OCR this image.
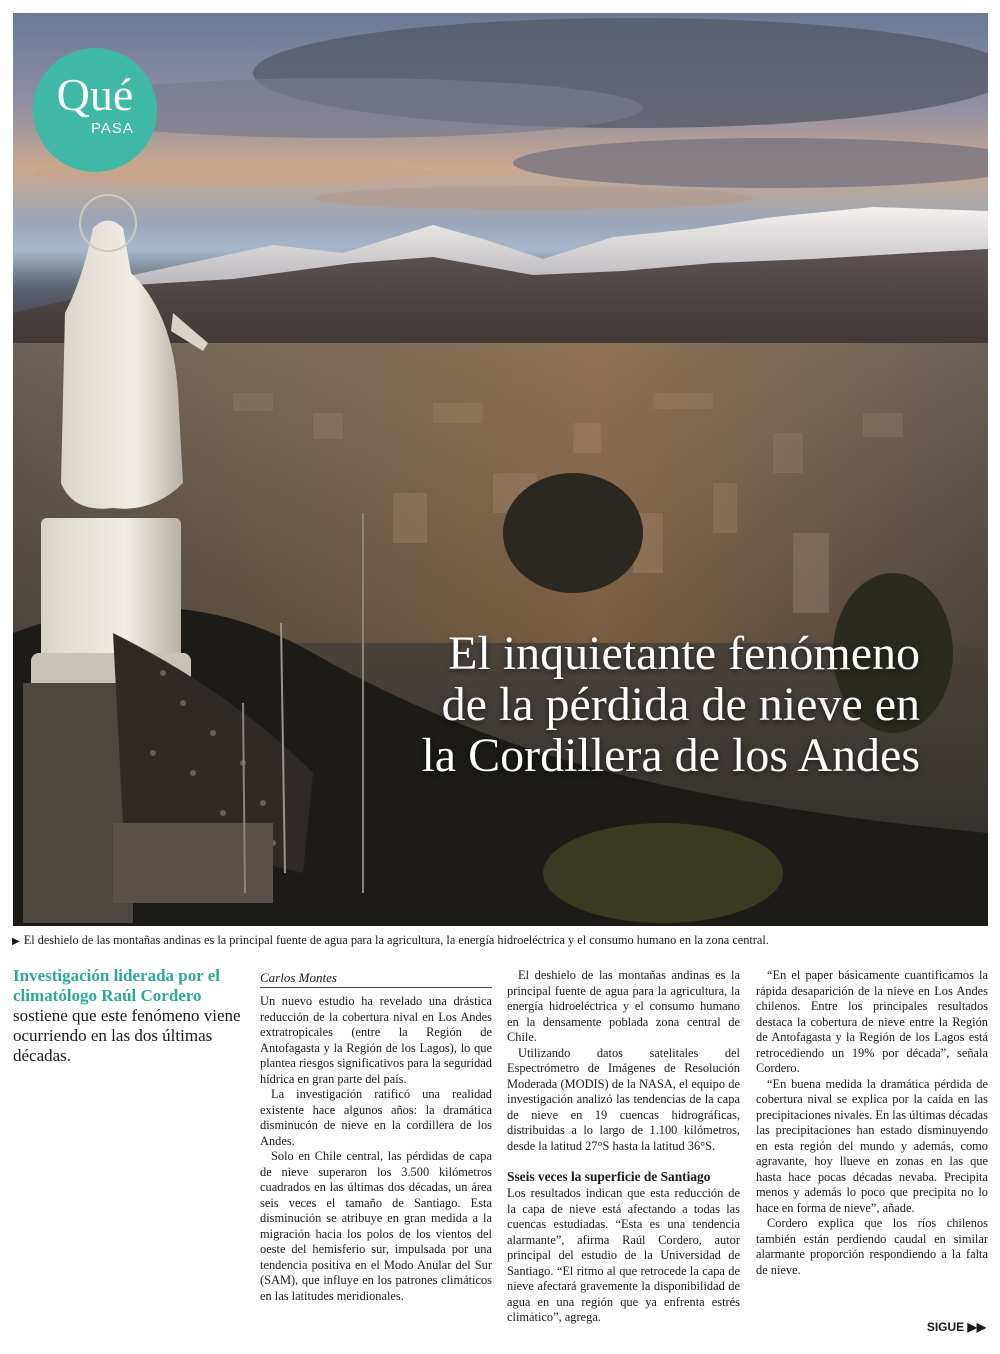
Qué
PASA
El inquietante fenómeno
de la pérdida de nieve en
la Cordillera de los Andes
▶ El deshielo de las montañas andinas es la principal fuente de agua para la agricultura, la energía hidroeléctrica y el consumo humano en la zona central.
Investigación liderada por el climatólogo Raúl Cordero
sostiene que este fenómeno viene ocurriendo en las dos últimas décadas.
Carlos Montes

Un nuevo estudio ha revelado una drástica reducción de la cobertura nival en Los Andes extratropicales (entre la Región de Antofagasta y la Región de los Lagos), lo que plantea riesgos significativos para la seguridad hídrica en gran parte del país.

La investigación ratificó una realidad existente hace algunos años: la dramática disminucón de nieve en la cordillera de los Andes.

Solo en Chile central, las pérdidas de capa de nieve superaron los 3.500 kilómetros cuadrados en las últimas dos décadas, un área seis veces el tamaño de Santiago. Esta disminución se atribuye en gran medida a la migración hacia los polos de los vientos del oeste del hemisferio sur, impulsada por una tendencia positiva en el Modo Anular del Sur (SAM), que influye en los patrones climáticos en las latitudes meridionales.

El deshielo de las montañas andinas es la principal fuente de agua para la agricultura, la energía hidroeléctrica y el consumo humano en la densamente poblada zona central de Chile.

Utilizando datos satelitales del Espectrómetro de Imágenes de Resolución Moderada (MODIS) de la NASA, el equipo de investigación analizó las tendencias de la capa de nieve en 19 cuencas hidrográficas, distribuidas a lo largo de 1.100 kilómetros, desde la latitud 27°S hasta la latitud 36°S.

Sseis veces la superficie de Santiago

Los resultados indican que esta reducción de la capa de nieve está afectando a todas las cuencas estudiadas. “Esta es una tendencia alarmante”, afirma Raúl Cordero, autor principal del estudio de la Universidad de Santiago. “El ritmo al que retrocede la capa de nieve afectará gravemente la disponibilidad de agua en una región que ya enfrenta estrés climático”, agrega.

“En el paper básicamente cuantificamos la rápida desaparición de la nieve en Los Andes chilenos. Entre los principales resultados destaca la cobertura de nieve entre la Región de Antofagasta y la Región de los Lagos está retrocediendo un 19% por década”, señala Cordero.

“En buena medida la dramática pérdida de cobertura nival se explica por la caída en las precipitaciones nivales. En las últimas décadas las precipitaciones han estado disminuyendo en esta región del mundo y además, como agravante, hoy llueve en zonas en las que hasta hace pocas décadas nevaba. Precipita menos y además lo poco que precipita no lo hace en forma de nieve”, añade.

Cordero explica que los ríos chilenos también están perdiendo caudal en similar alarmante proporción respondiendo a la falta de nieve.

SIGUE ▶▶
